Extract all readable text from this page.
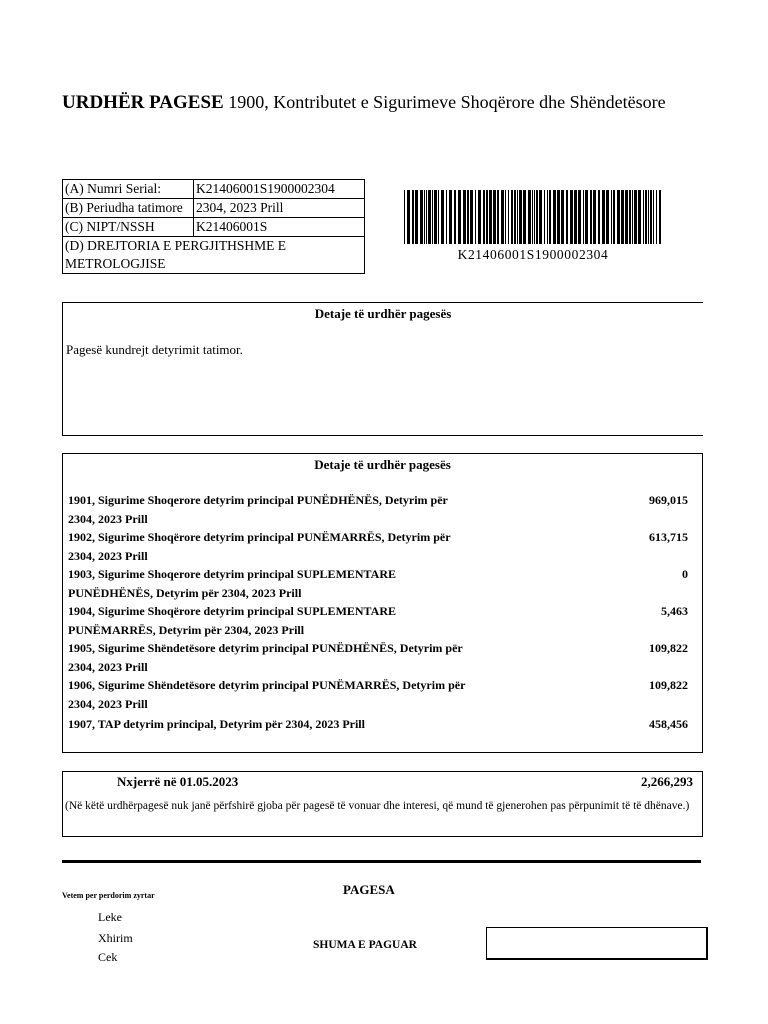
URDHËR PAGESE 1900, Kontributet e Sigurimeve Shoqërore dhe Shëndetësore
(A) Numri Serial:	K21406001S1900002304
(B) Periudha tatimore	2304, 2023 Prill
(C) NIPT/NSSH	K21406001S
(D) DREJTORIA E PERGJITHSHME E METROLOGJISE	
K21406001S1900002304
Detaje të urdhër pagesës
Pagesë kundrejt detyrimit tatimor.
Detaje të urdhër pagesës
1901, Sigurime Shoqerore detyrim principal PUNËDHËNËS, Detyrim për 2304, 2023 Prill
969,015
1902, Sigurime Shoqërore detyrim principal PUNËMARRËS, Detyrim për 2304, 2023 Prill
613,715
1903, Sigurime Shoqerore detyrim principal SUPLEMENTARE PUNËDHËNËS, Detyrim për 2304, 2023 Prill
0
1904, Sigurime Shoqërore detyrim principal SUPLEMENTARE PUNËMARRËS, Detyrim për 2304, 2023 Prill
5,463
1905, Sigurime Shëndetësore detyrim principal PUNËDHËNËS, Detyrim për 2304, 2023 Prill
109,822
1906, Sigurime Shëndetësore detyrim principal PUNËMARRËS, Detyrim për 2304, 2023 Prill
109,822
1907, TAP detyrim principal, Detyrim për 2304, 2023 Prill	458,456
Nxjerrë në 01.05.2023	2,266,293
(Në këtë urdhërpagesë nuk janë përfshirë gjoba për pagesë të vonuar dhe interesi, që mund të gjenerohen pas përpunimit të të dhënave.)
Vetem per perdorim zyrtar	PAGESA
Leke
Xhirim
Cek
SHUMA E PAGUAR
